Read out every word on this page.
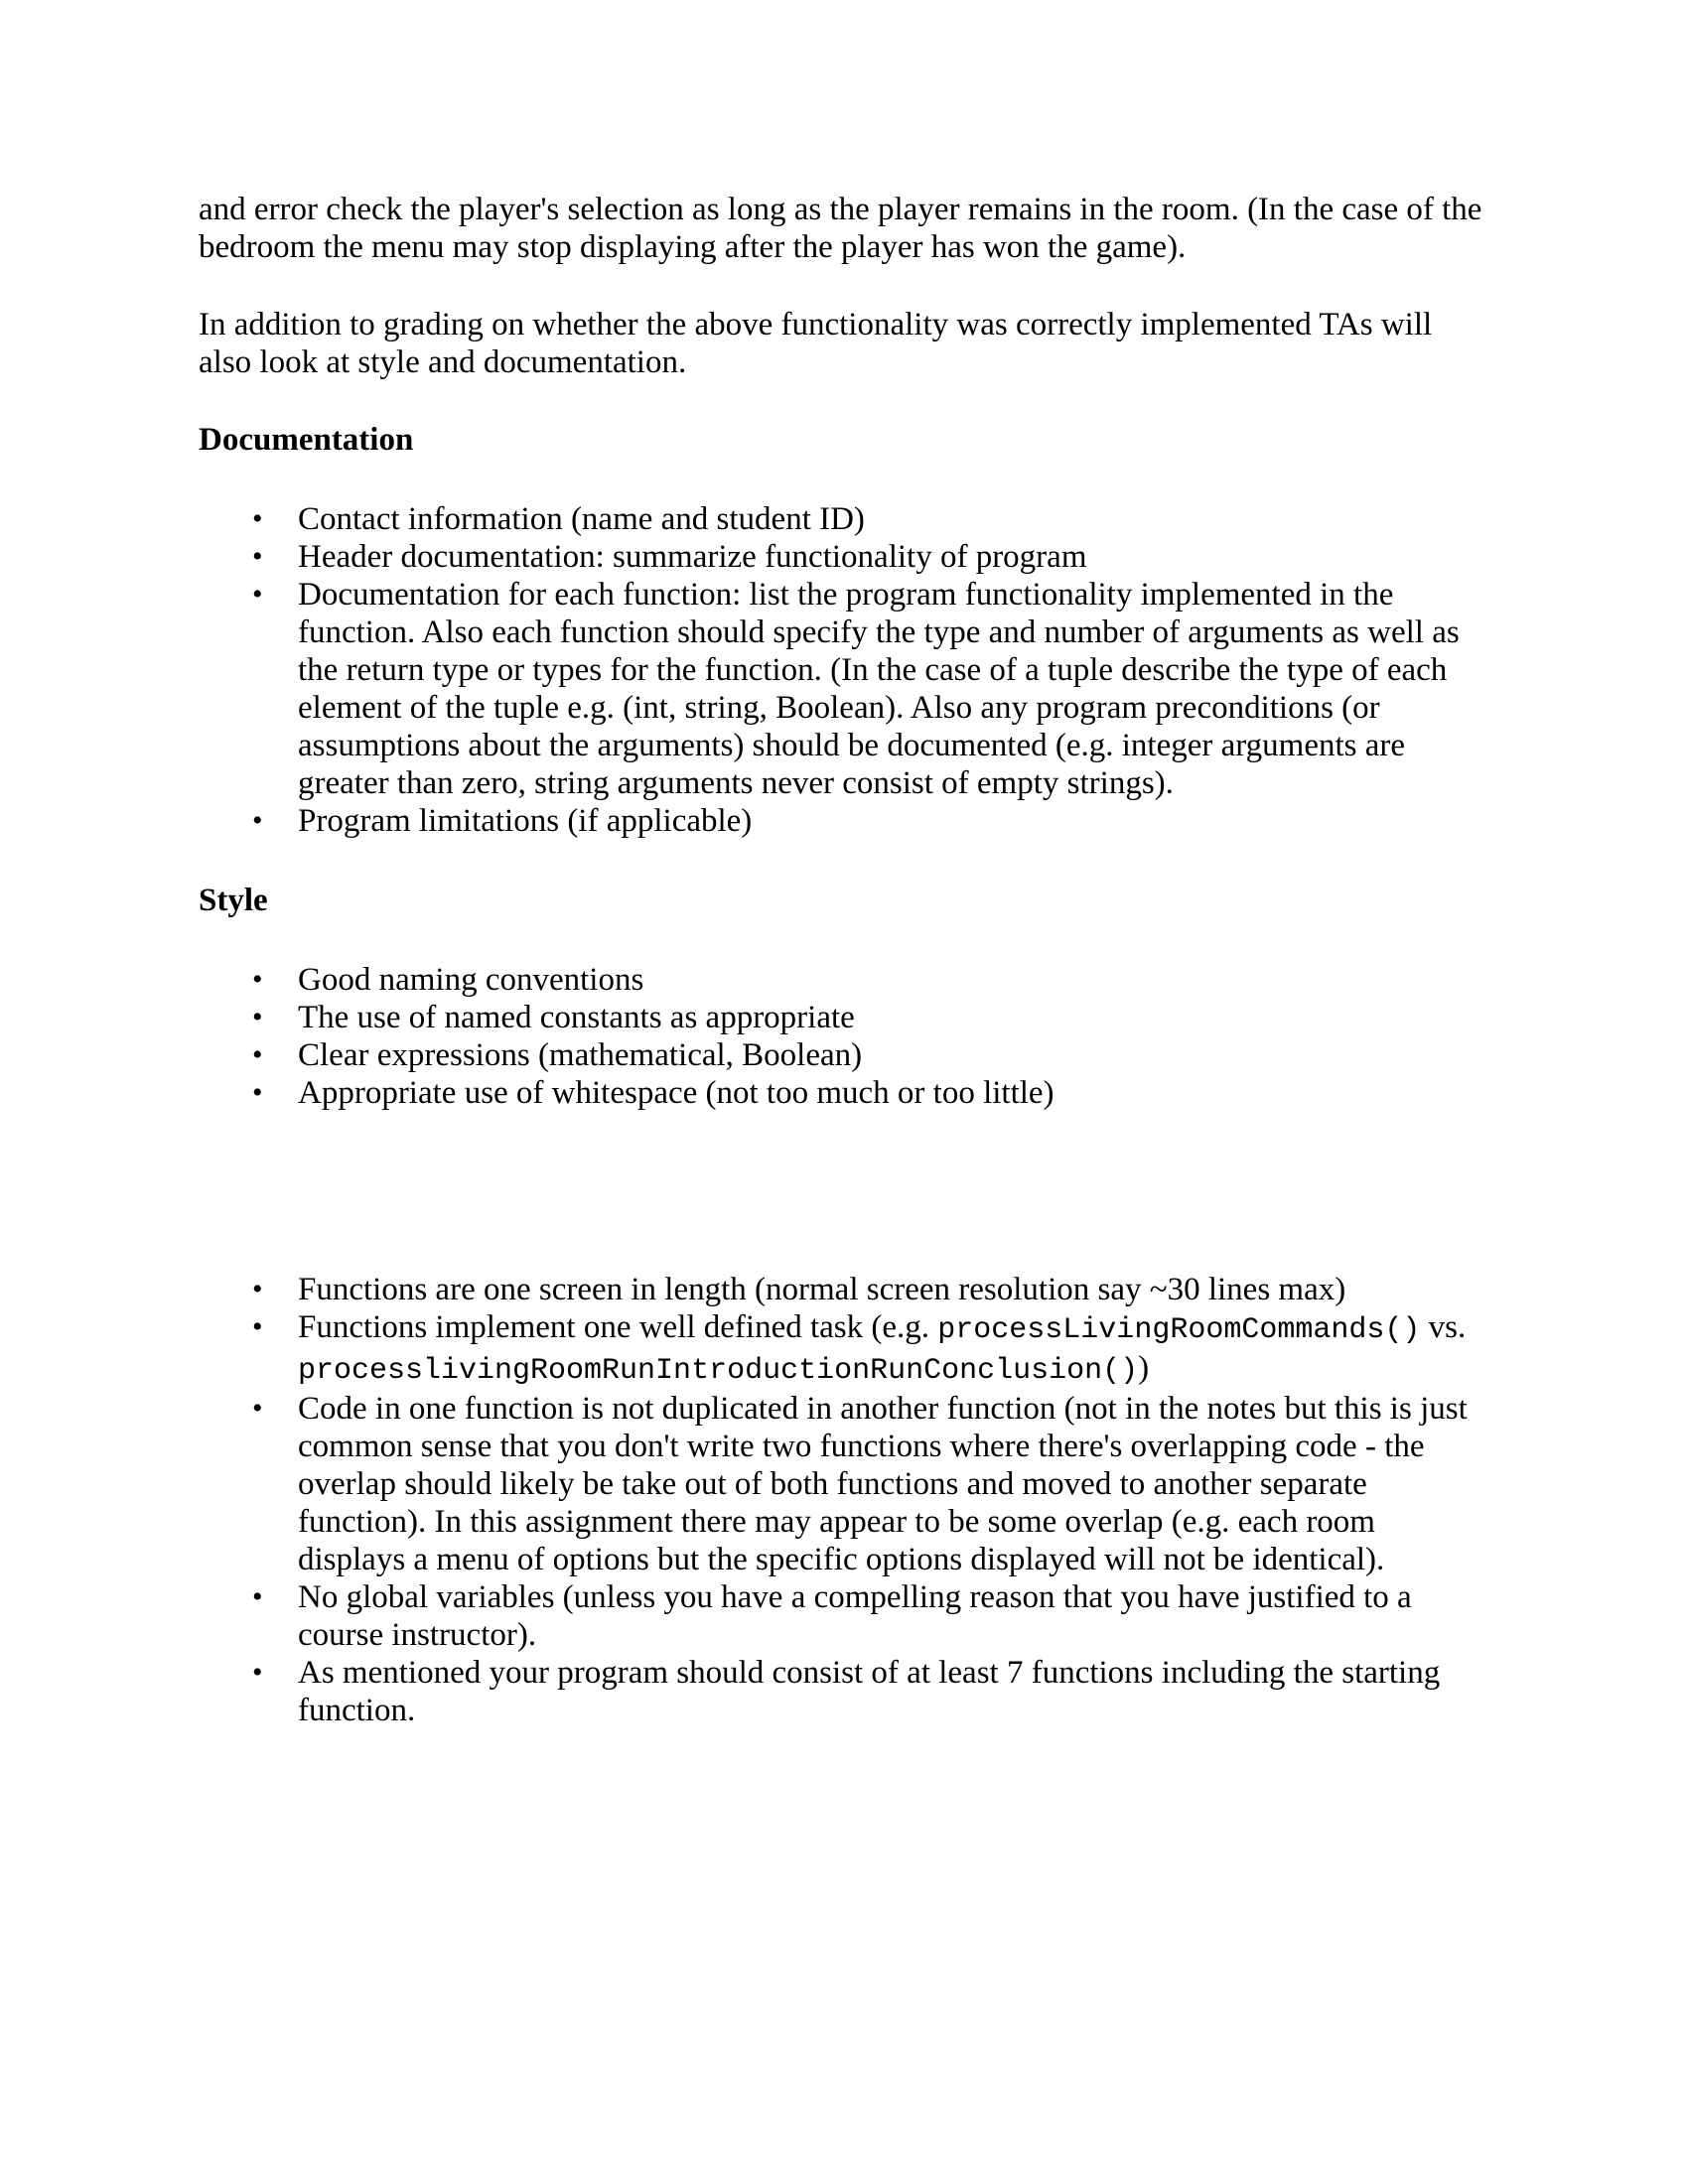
and error check the player's selection as long as the player remains in the room. (In the case of the bedroom the menu may stop displaying after the player has won the game).

In addition to grading on whether the above functionality was correctly implemented TAs will also look at style and documentation.

Documentation
• Contact information (name and student ID)
• Header documentation: summarize functionality of program
• Documentation for each function: list the program functionality implemented in the function. Also each function should specify the type and number of arguments as well as the return type or types for the function. (In the case of a tuple describe the type of each element of the tuple e.g. (int, string, Boolean). Also any program preconditions (or assumptions about the arguments) should be documented (e.g. integer arguments are greater than zero, string arguments never consist of empty strings).
• Program limitations (if applicable)
Style
• Good naming conventions
• The use of named constants as appropriate
• Clear expressions (mathematical, Boolean)
• Appropriate use of whitespace (not too much or too little)
• Functions are one screen in length (normal screen resolution say ~30 lines max)
• Functions implement one well defined task (e.g. processLivingRoomCommands() vs. processlivingRoomRunIntroductionRunConclusion())
• Code in one function is not duplicated in another function (not in the notes but this is just common sense that you don't write two functions where there's overlapping code - the overlap should likely be take out of both functions and moved to another separate function). In this assignment there may appear to be some overlap (e.g. each room displays a menu of options but the specific options displayed will not be identical).
• No global variables (unless you have a compelling reason that you have justified to a course instructor).
• As mentioned your program should consist of at least 7 functions including the starting function.
